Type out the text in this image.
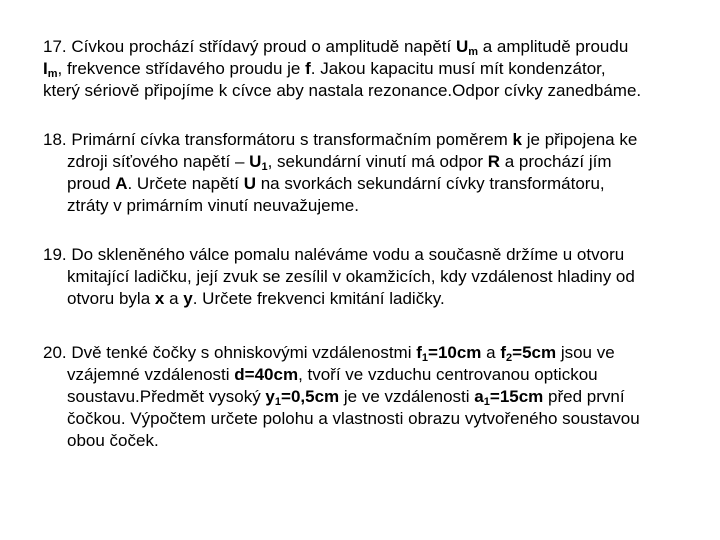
17. Cívkou prochází střídavý proud o amplitudě napětí $U_m$ a amplitudě proudu
$I_m$, frekvence střídavého proudu je f. Jakou kapacitu musí mít kondenzátor,
který sériově připojíme k cívce aby nastala rezonance.Odpor cívky zanedbáme.
18. Primární cívka transformátoru s transformačním poměrem k je připojena ke
zdroji síťového napětí – $U_1$, sekundární vinutí má odpor R a prochází jím
proud A. Určete napětí U na svorkách sekundární cívky transformátoru,
ztráty v primárním vinutí neuvažujeme.
19. Do skleněného válce pomalu naléváme vodu a současně držíme u otvoru
kmitající ladičku, její zvuk se zesílil v okamžicích, kdy vzdálenost hladiny od
otvoru byla x a y. Určete frekvenci kmitání ladičky.
20. Dvě tenké čočky s ohniskovými vzdálenostmi $f_1=10cm$ a $f_2=5cm$ jsou ve
vzájemné vzdálenosti d=40cm, tvoří ve vzduchu centrovanou optickou
soustavu.Předmět vysoký $y_1=0,5cm$ je ve vzdálenosti $a_1=15cm$ před první
čočkou. Výpočtem určete polohu a vlastnosti obrazu vytvořeného soustavou
obou čoček.
